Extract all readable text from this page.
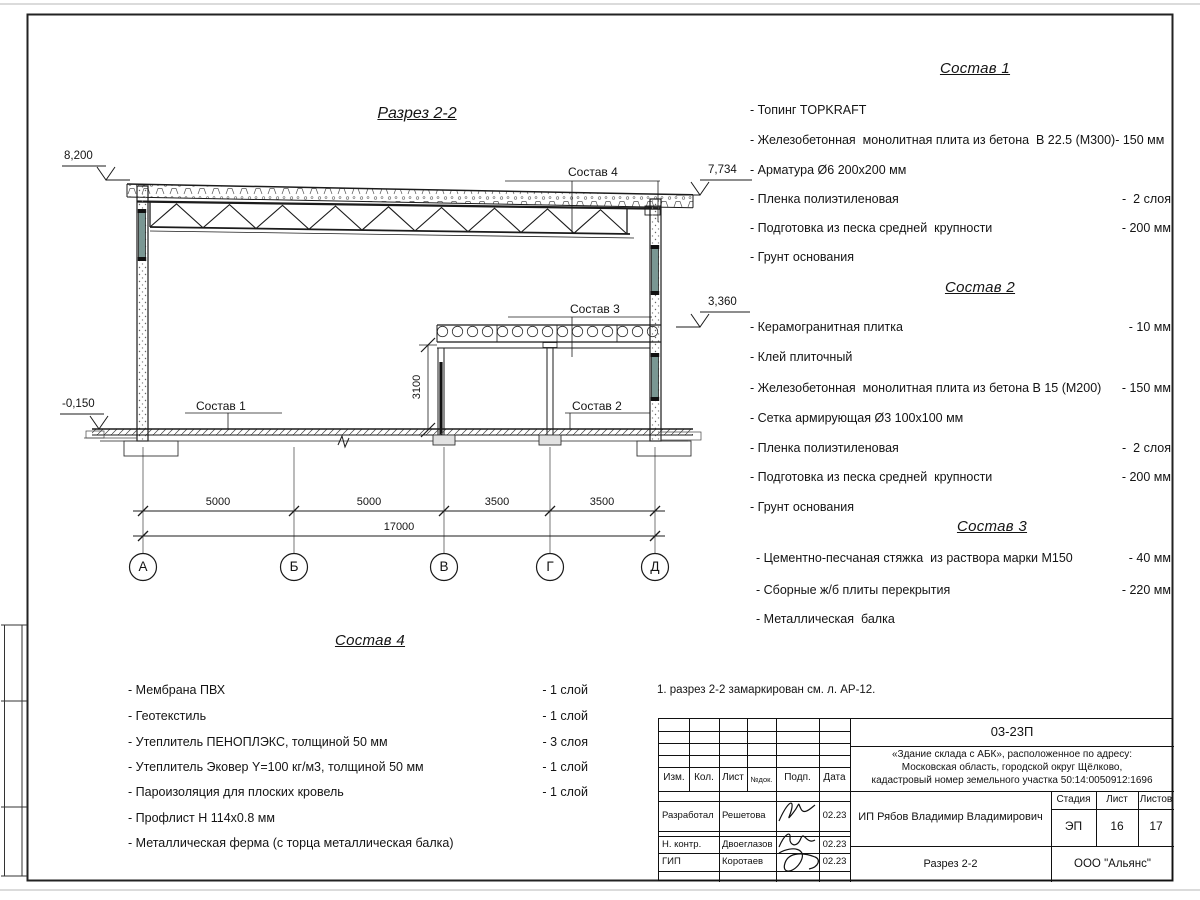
Разрез 2-2
8,200
7,734
3,360
-0,150
Состав 4
Состав 3
Состав 1	Состав 2
5000	5000	3500	3500
17000
3100
А	Б	В	Г	Д
Состав 1
- Топинг TOPKRAFT
- Железобетонная  монолитная плита из бетона  В 22.5 (М300)- 150 мм
- Арматура Ø6 200х200 мм
- Пленка полиэтиленовая	-  2 слоя
- Подготовка из песка средней  крупности	- 200 мм
- Грунт основания
Состав 2
- Керамогранитная плитка	- 10 мм
- Клей плиточный
- Железобетонная  монолитная плита из бетона В 15 (М200) - 150 мм
- Сетка армирующая Ø3 100х100 мм
- Пленка полиэтиленовая	-  2 слоя
- Подготовка из песка средней  крупности	- 200 мм
- Грунт основания
Состав 3
- Цементно-песчаная стяжка  из раствора марки М150	- 40 мм
- Сборные ж/б плиты перекрытия	- 220 мм
- Металлическая  балка
Состав 4
- Мембрана ПВХ	- 1 слой
- Геотекстиль	- 1 слой
- Утеплитель ПЕНОПЛЭКС, толщиной 50 мм	- 3 слоя
- Утеплитель Эковер Y=100 кг/м3, толщиной 50 мм	- 1 слой
- Пароизоляция для плоских кровель	- 1 слой
- Профлист Н 114х0.8 мм
- Металлическая ферма (с торца металлическая балка)
1. разрез 2-2 замаркирован см. л. АР-12.
03-23П
«Здание склада с АБК», расположенное по адресу:
Московская область, городской округ Щёлково,
кадастровый номер земельного участка 50:14:0050912:1696
Изм. Кол. Лист №док.	Подп.	Дата
Разработал Решетова	02.23
Н. контр. Двоеглазов	02.23
ГИП	Коротаев	02.23
ИП Рябов Владимир Владимирович
Разрез 2-2	ООО "Альянс"
Стадия	Лист	Листов
ЭП	16	17
